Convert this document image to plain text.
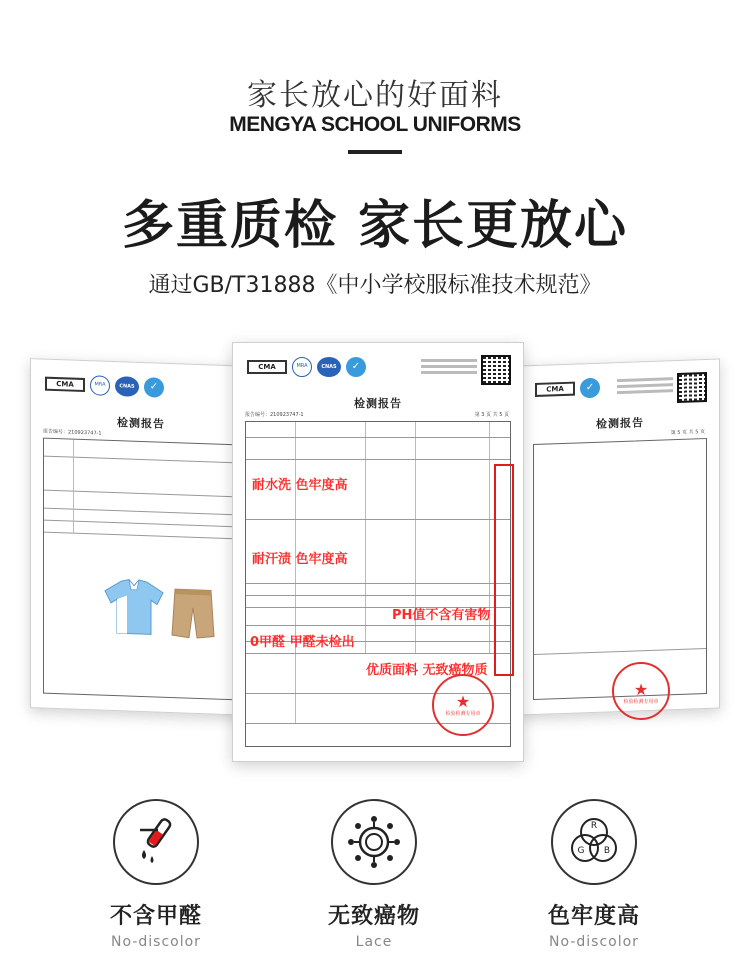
家长放心的好面料
MENGYA SCHOOL UNIFORMS
多重质检 家长更放心
通过GB/T31888《中小学校服标准技术规范》
CMA	MRA	CNAS	✓
检测报告
报告编号：210923747-1
CMA	✓
检测报告
第 5 页 共 5 页
CMA	MRA	CNAS	✓
检测报告
报告编号：210923747-1	第 3 页 共 5 页
耐水洗 色牢度高
耐汗渍 色牢度高
PH值不含有害物
0甲醛 甲醛未检出
优质面料 无致癌物质
★
检验检测专用章
★
检验检测专用章
不含甲醛
No-discolor
无致癌物
Lace
R
G B
色牢度高
No-discolor
